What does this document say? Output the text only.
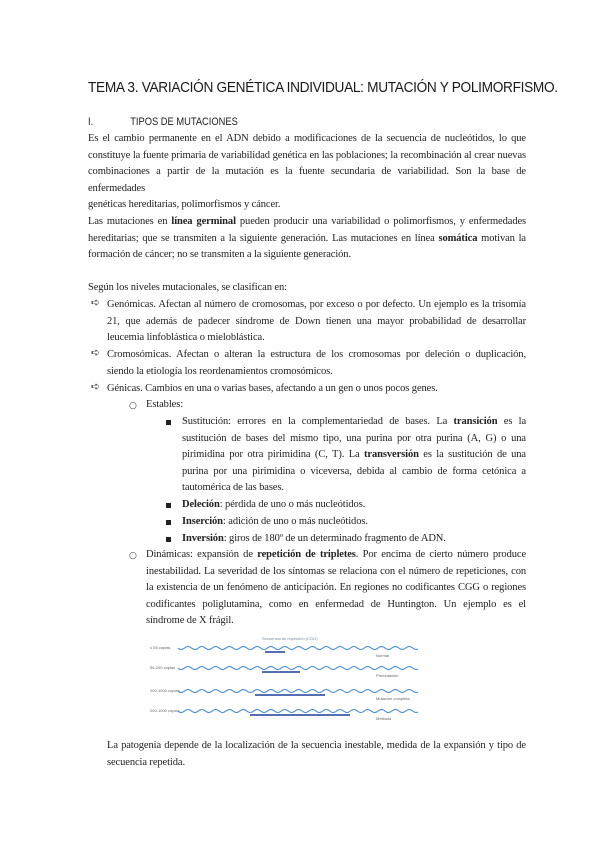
TEMA 3. VARIACIÓN GENÉTICA INDIVIDUAL: MUTACIÓN Y POLIMORFISMO.
I.	TIPOS DE MUTACIONES
Es el cambio permanente en el ADN debido a modificaciones de la secuencia de nucleótidos, lo que
constituye la fuente primaria de variabilidad genética en las poblaciones; la recombinación al crear nuevas
combinaciones a partir de la mutación es la fuente secundaria de variabilidad. Son la base de enfermedades
genéticas hereditarias, polimorfismos y cáncer.
Las mutaciones en línea germinal pueden producir una variabilidad o polimorfismos, y enfermedades
hereditarias; que se transmiten a la siguiente generación. Las mutaciones en línea somática motivan la
formación de cáncer; no se transmiten a la siguiente generación.
Según los niveles mutacionales, se clasifican en:
➪ Genómicas. Afectan al número de cromosomas, por exceso o por defecto. Un ejemplo es la trisomía
21, que además de padecer síndrome de Down tienen una mayor probabilidad de desarrollar
leucemia linfoblástica o mieloblástica.
➪ Cromosómicas. Afectan o alteran la estructura de los cromosomas por deleción o duplicación,
siendo la etiología los reordenamientos cromosómicos.
➪ Génicas. Cambios en una o varias bases, afectando a un gen o unos pocos genes.
○ Estables:
Sustitución: errores en la complementariedad de bases. La transición es la
sustitución de bases del mismo tipo, una purina por otra purina (A, G) o una
pirimidina por otra pirimidina (C, T). La transversión es la sustitución de una
purina por una pirimidina o viceversa, debida al cambio de forma cetónica a
tautomérica de las bases.
Deleción: pérdida de uno o más nucleótidos.
Inserción: adición de uno o más nucleótidos.
Inversión: giros de 180º de un determinado fragmento de ADN.
○ Dinámicas: expansión de repetición de tripletes. Por encima de cierto número produce
inestabilidad. La severidad de los síntomas se relaciona con el número de repeticiones, con
la existencia de un fenómeno de anticipación. En regiones no codificantes CGG o regiones
codificantes poliglutamina, como en enfermedad de Huntington. Un ejemplo es el
síndrome de X frágil.
Secuencia de repetición (CGG)
≤ 55 copias
56-200 copias
200-1000 copias
200-1000 copias
Normal
Premutación
Mutación completa
Metilada
La patogenia depende de la localización de la secuencia inestable, medida de la expansión y tipo de
secuencia repetida.
